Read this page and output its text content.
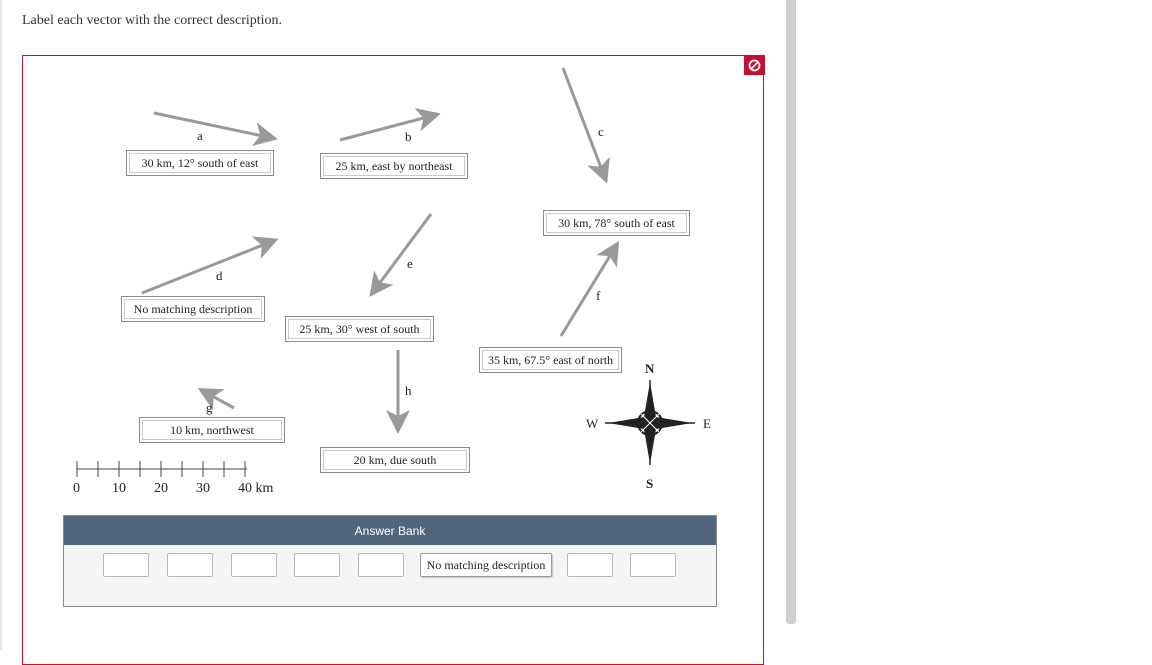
Label each vector with the correct description.
a	b	c
d
e
f
g
h
30 km, 12° south of east	25 km, east by northeast
30 km, 78° south of east
No matching description
25 km, 30° west of south
35 km, 67.5° east of north
10 km, northwest
20 km, due south
0 10 20 30 40 km
N
S
E
W
Answer Bank
No matching description
